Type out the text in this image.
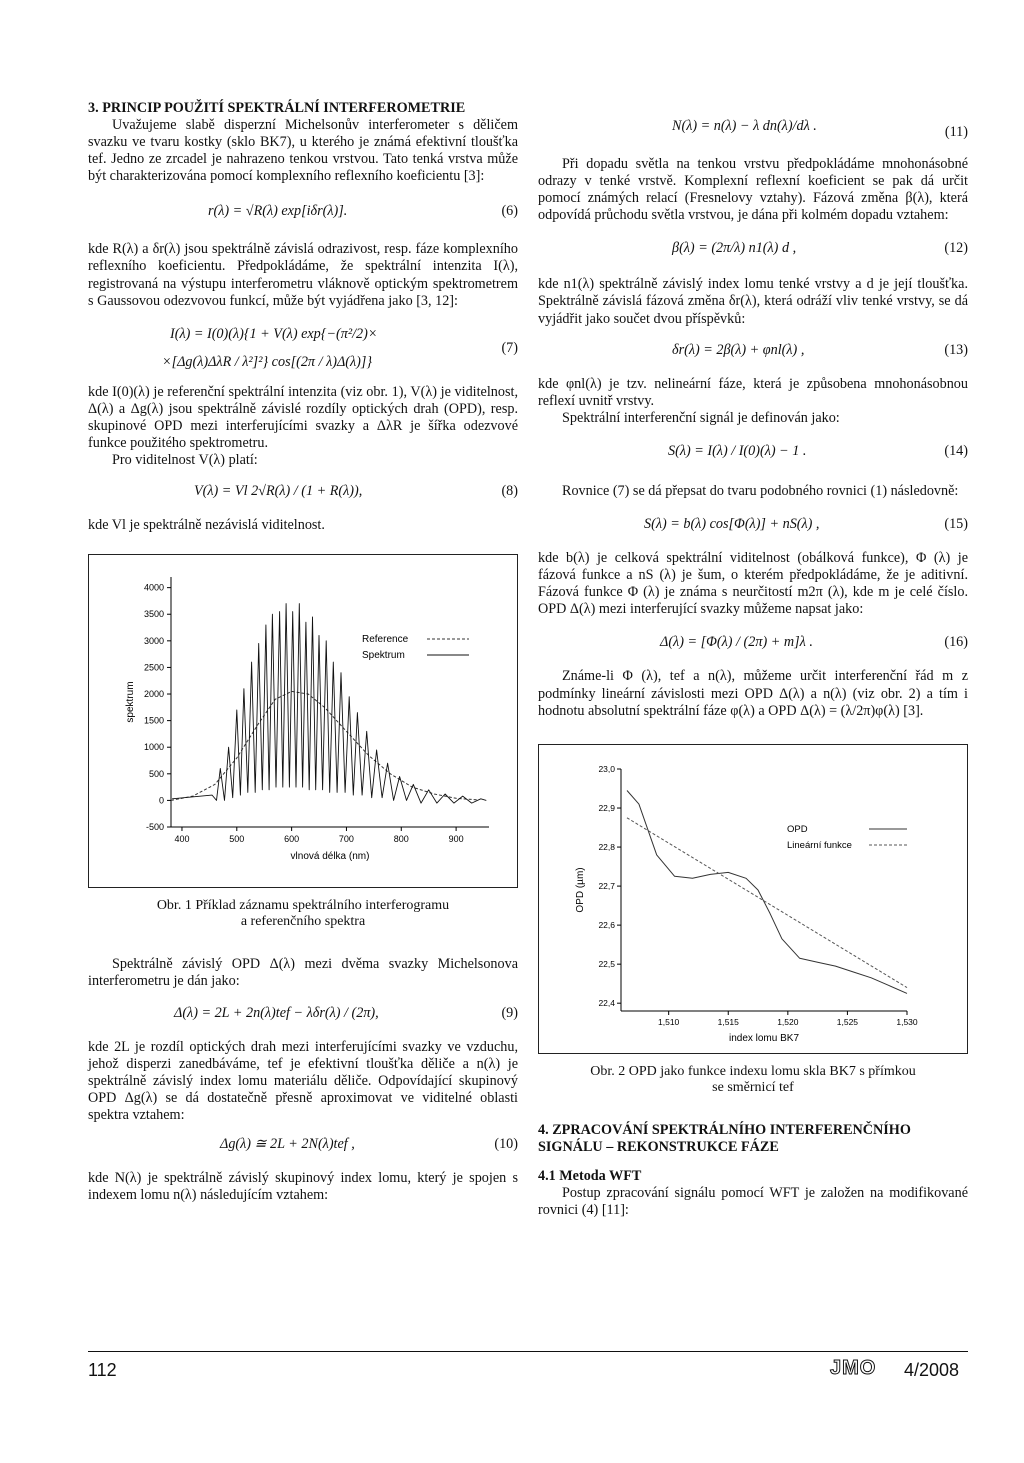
3. PRINCIP POUŽITÍ SPEKTRÁLNÍ INTERFEROMETRIE

Uvažujeme slabě disperzní Michelsonův interferometer s děličem svazku ve tvaru kostky (sklo BK7), u kterého je známá efektivní tloušťka tef. Jedno ze zrcadel je nahrazeno tenkou vrstvou. Tato tenká vrstva může být charakterizována pomocí komplexního reflexního koeficientu [3]:

r(λ) = √R(λ) exp[iδr(λ)].	(6)

kde R(λ) a δr(λ) jsou spektrálně závislá odrazivost, resp. fáze komplexního reflexního koeficientu. Předpokládáme, že spektrální intenzita I(λ), registrovaná na výstupu interferometru vláknově optickým spektrometrem s Gaussovou odezvovou funkcí, může být vyjádřena jako [3, 12]:

I(λ) = I(0)(λ){1 + V(λ) exp{−(π²/2)×
×[Δg(λ)ΔλR / λ²]²} cos[(2π / λ)Δ(λ)]}
(7)

kde I(0)(λ) je referenční spektrální intenzita (viz obr. 1), V(λ) je viditelnost, Δ(λ) a Δg(λ) jsou spektrálně závislé rozdíly optických drah (OPD), resp. skupinové OPD mezi interferujícími svazky a ΔλR je šířka odezvové funkce použitého spektrometru.

Pro viditelnost V(λ) platí:

V(λ) = Vl 2√R(λ) / (1 + R(λ)),	(8)

kde Vl je spektrálně nezávislá viditelnost.

-500
0
500
1000
1500
2000
2500
3000
3500
4000
400	500	600	700	800	900
vlnová délka (nm)
spektrum
Reference
Spektrum
Obr. 1 Příklad záznamu spektrálního interferogramu
a referenčního spektra

Spektrálně závislý OPD Δ(λ) mezi dvěma svazky Michelsonova interferometru je dán jako:

Δ(λ) = 2L + 2n(λ)tef − λδr(λ) / (2π),	(9)

kde 2L je rozdíl optických drah mezi interferujícími svazky ve vzduchu, jehož disperzi zanedbáváme, tef je efektivní tloušťka děliče a n(λ) je spektrálně závislý index lomu materiálu děliče. Odpovídající skupinový OPD Δg(λ) se dá dostatečně přesně aproximovat ve viditelné oblasti spektra vztahem:

Δg(λ) ≅ 2L + 2N(λ)tef ,	(10)

kde N(λ) je spektrálně závislý skupinový index lomu, který je spojen s indexem lomu n(λ) následujícím vztahem:

N(λ) = n(λ) − λ dn(λ)/dλ .	(11)

Při dopadu světla na tenkou vrstvu předpokládáme mnohonásobné odrazy v tenké vrstvě. Komplexní reflexní koeficient se pak dá určit pomocí známých relací (Fresnelovy vztahy). Fázová změna β(λ), která odpovídá průchodu světla vrstvou, je dána při kolmém dopadu vztahem:

β(λ) = (2π/λ) n1(λ) d ,	(12)

kde n1(λ) spektrálně závislý index lomu tenké vrstvy a d je její tloušťka. Spektrálně závislá fázová změna δr(λ), která odráží vliv tenké vrstvy, se dá vyjádřit jako součet dvou příspěvků:

δr(λ) = 2β(λ) + φnl(λ) ,	(13)

kde φnl(λ) je tzv. nelineární fáze, která je způsobena mnohonásobnou reflexí uvnitř vrstvy.

Spektrální interferenční signál je definován jako:

S(λ) = I(λ) / I(0)(λ) − 1 .	(14)

Rovnice (7) se dá přepsat do tvaru podobného rovnici (1) následovně:

S(λ) = b(λ) cos[Φ(λ)] + nS(λ) ,	(15)

kde b(λ) je celková spektrální viditelnost (obálková funkce), Φ (λ) je fázová funkce a nS (λ) je šum, o kterém předpokládáme, že je aditivní. Fázová funkce Φ (λ) je známa s neurčitostí m2π (λ), kde m je celé číslo. OPD Δ(λ) mezi interferující svazky můžeme napsat jako:

Δ(λ) = [Φ(λ) / (2π) + m]λ .	(16)

Známe-li Φ (λ), tef a n(λ), můžeme určit interferenční řád m z podmínky lineární závislosti mezi OPD Δ(λ) a n(λ) (viz obr. 2) a tím i hodnotu absolutní spektrální fáze φ(λ) a OPD Δ(λ) = (λ/2π)φ(λ) [3].

22,4
22,5
22,6
22,7
22,8
22,9
23,0
1,510	1,515	1,520	1,525	1,530
index lomu BK7
OPD (µm)
OPD
Lineární funkce
Obr. 2 OPD jako funkce indexu lomu skla BK7 s přímkou
se směrnicí tef
4. ZPRACOVÁNÍ SPEKTRÁLNÍHO INTERFERENČNÍHO
SIGNÁLU – REKONSTRUKCE FÁZE
4.1 Metoda WFT

Postup zpracování signálu pomocí WFT je založen na modifikované rovnici (4) [11]:

112	JMO 4/2008
